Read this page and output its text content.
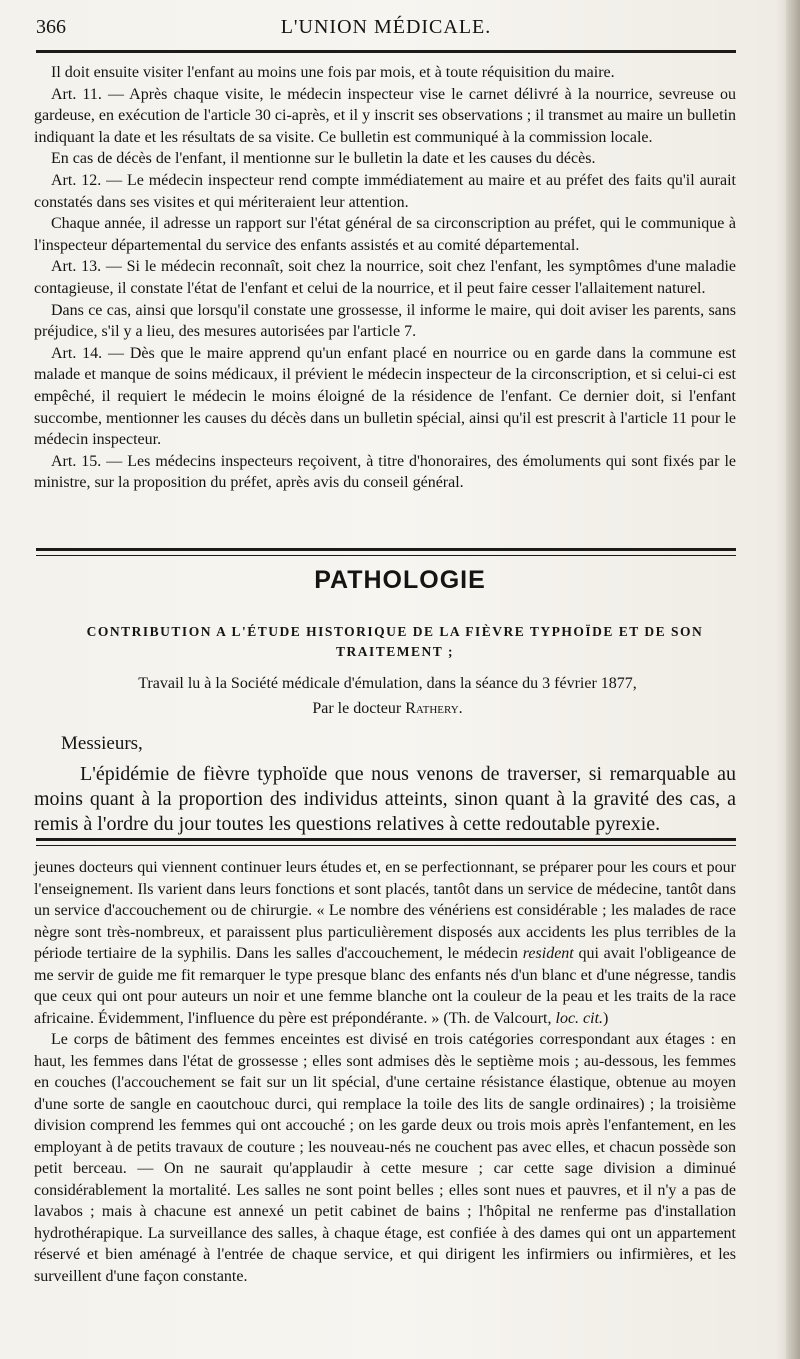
366	L'UNION MÉDICALE.

Il doit ensuite visiter l'enfant au moins une fois par mois, et à toute réquisition du maire.

Art. 11. — Après chaque visite, le médecin inspecteur vise le carnet délivré à la nourrice, sevreuse ou gardeuse, en exécution de l'article 30 ci-après, et il y inscrit ses observations ; il transmet au maire un bulletin indiquant la date et les résultats de sa visite. Ce bulletin est communiqué à la commission locale.

En cas de décès de l'enfant, il mentionne sur le bulletin la date et les causes du décès.

Art. 12. — Le médecin inspecteur rend compte immédiatement au maire et au préfet des faits qu'il aurait constatés dans ses visites et qui mériteraient leur attention.

Chaque année, il adresse un rapport sur l'état général de sa circonscription au préfet, qui le communique à l'inspecteur départemental du service des enfants assistés et au comité départemental.

Art. 13. — Si le médecin reconnaît, soit chez la nourrice, soit chez l'enfant, les symptômes d'une maladie contagieuse, il constate l'état de l'enfant et celui de la nourrice, et il peut faire cesser l'allaitement naturel.

Dans ce cas, ainsi que lorsqu'il constate une grossesse, il informe le maire, qui doit aviser les parents, sans préjudice, s'il y a lieu, des mesures autorisées par l'article 7.

Art. 14. — Dès que le maire apprend qu'un enfant placé en nourrice ou en garde dans la commune est malade et manque de soins médicaux, il prévient le médecin inspecteur de la circonscription, et si celui-ci est empêché, il requiert le médecin le moins éloigné de la résidence de l'enfant. Ce dernier doit, si l'enfant succombe, mentionner les causes du décès dans un bulletin spécial, ainsi qu'il est prescrit à l'article 11 pour le médecin inspecteur.

Art. 15. — Les médecins inspecteurs reçoivent, à titre d'honoraires, des émoluments qui sont fixés par le ministre, sur la proposition du préfet, après avis du conseil général.

PATHOLOGIE
CONTRIBUTION A L'ÉTUDE HISTORIQUE DE LA FIÈVRE TYPHOÏDE ET DE SON TRAITEMENT ;
Travail lu à la Société médicale d'émulation, dans la séance du 3 février 1877,
Par le docteur Rathery.
Messieurs,

L'épidémie de fièvre typhoïde que nous venons de traverser, si remarquable au moins quant à la proportion des individus atteints, sinon quant à la gravité des cas, a remis à l'ordre du jour toutes les questions relatives à cette redoutable pyrexie.

jeunes docteurs qui viennent continuer leurs études et, en se perfectionnant, se préparer pour les cours et pour l'enseignement. Ils varient dans leurs fonctions et sont placés, tantôt dans un service de médecine, tantôt dans un service d'accouchement ou de chirurgie. « Le nombre des vénériens est considérable ; les malades de race nègre sont très-nombreux, et paraissent plus particulièrement disposés aux accidents les plus terribles de la période tertiaire de la syphilis. Dans les salles d'accouchement, le médecin resident qui avait l'obligeance de me servir de guide me fit remarquer le type presque blanc des enfants nés d'un blanc et d'une négresse, tandis que ceux qui ont pour auteurs un noir et une femme blanche ont la couleur de la peau et les traits de la race africaine. Évidemment, l'influence du père est prépondérante. » (Th. de Valcourt, loc. cit.)

Le corps de bâtiment des femmes enceintes est divisé en trois catégories correspondant aux étages : en haut, les femmes dans l'état de grossesse ; elles sont admises dès le septième mois ; au-dessous, les femmes en couches (l'accouchement se fait sur un lit spécial, d'une certaine résistance élastique, obtenue au moyen d'une sorte de sangle en caoutchouc durci, qui remplace la toile des lits de sangle ordinaires) ; la troisième division comprend les femmes qui ont accouché ; on les garde deux ou trois mois après l'enfantement, en les employant à de petits travaux de couture ; les nouveau-nés ne couchent pas avec elles, et chacun possède son petit berceau. — On ne saurait qu'applaudir à cette mesure ; car cette sage division a diminué considérablement la mortalité. Les salles ne sont point belles ; elles sont nues et pauvres, et il n'y a pas de lavabos ; mais à chacune est annexé un petit cabinet de bains ; l'hôpital ne renferme pas d'installation hydrothérapique. La surveillance des salles, à chaque étage, est confiée à des dames qui ont un appartement réservé et bien aménagé à l'entrée de chaque service, et qui dirigent les infirmiers ou infirmières, et les surveillent d'une façon constante.
